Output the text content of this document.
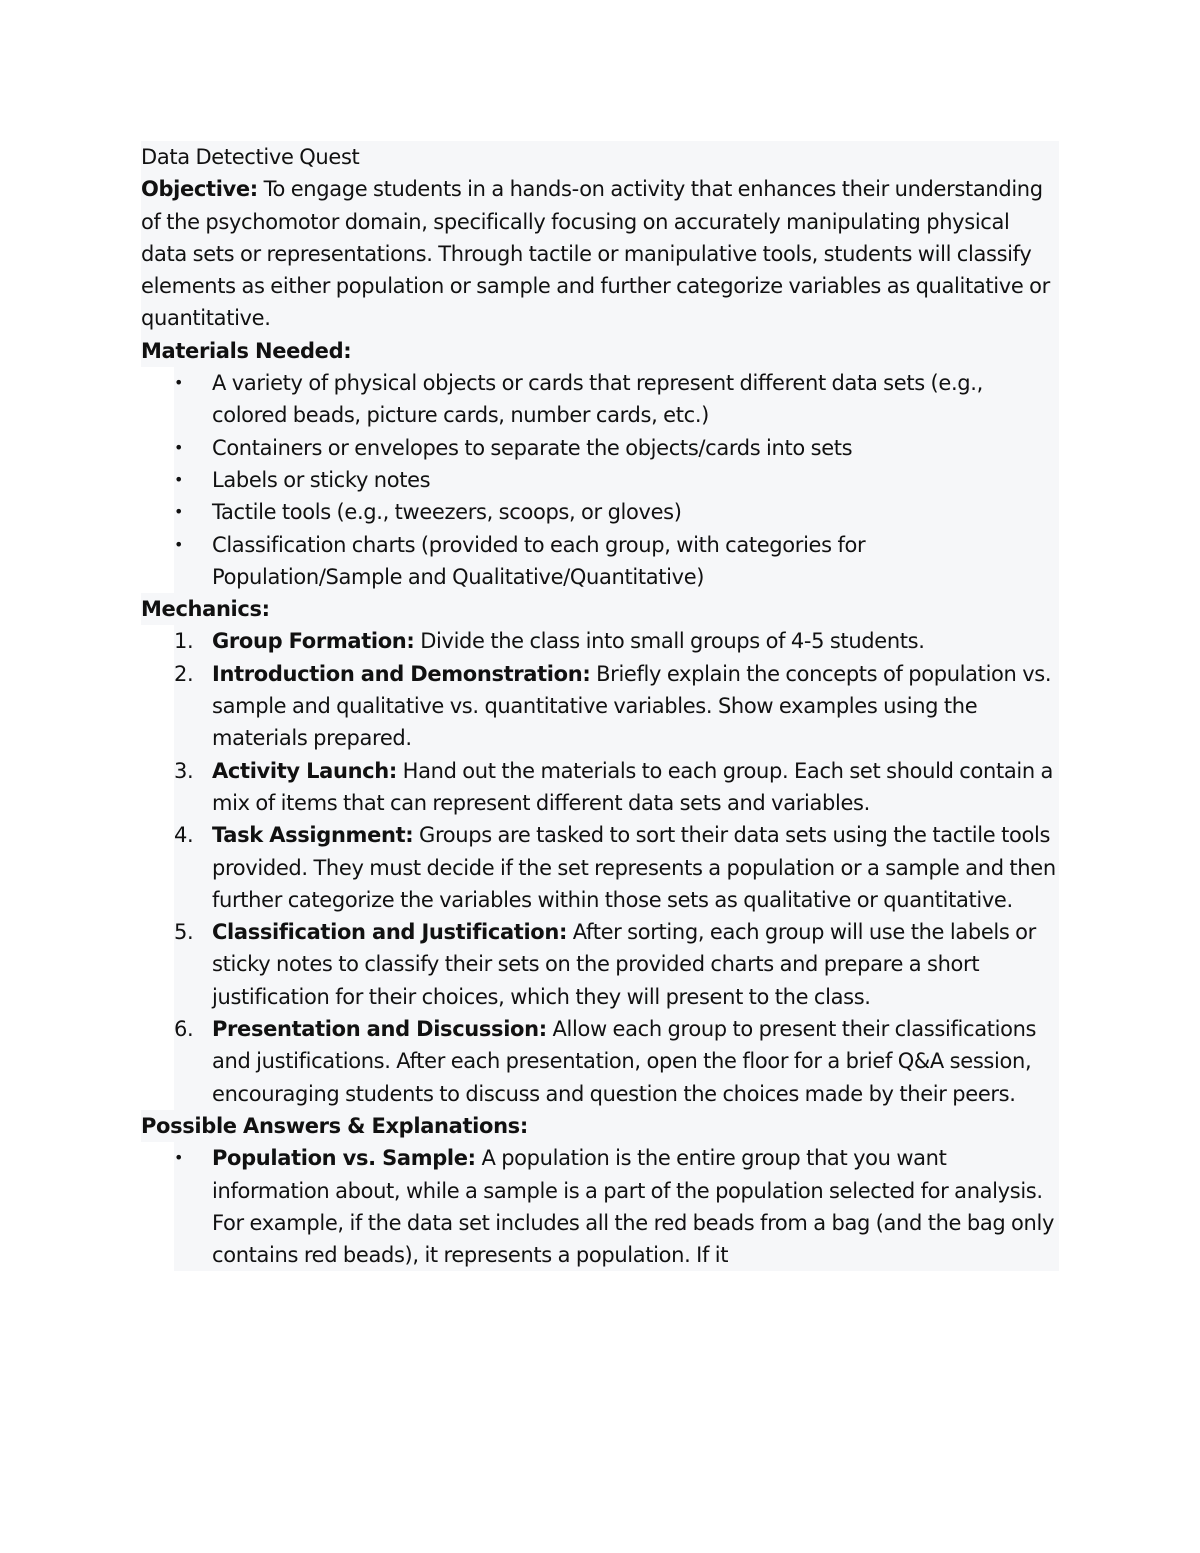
Data Detective Quest

Objective: To engage students in a hands-on activity that enhances their understanding of the psychomotor domain, specifically focusing on accurately manipulating physical data sets or representations. Through tactile or manipulative tools, students will classify elements as either population or sample and further categorize variables as qualitative or quantitative.

Materials Needed:
•	A variety of physical objects or cards that represent different data sets (e.g., colored beads, picture cards, number cards, etc.)
•	Containers or envelopes to separate the objects/cards into sets
•	Labels or sticky notes
•	Tactile tools (e.g., tweezers, scoops, or gloves)
•	Classification charts (provided to each group, with categories for Population/Sample and Qualitative/Quantitative)
Mechanics:
1. Group Formation: Divide the class into small groups of 4-5 students.
2. Introduction and Demonstration: Briefly explain the concepts of population vs. sample and qualitative vs. quantitative variables. Show examples using the materials prepared.
3. Activity Launch: Hand out the materials to each group. Each set should contain a mix of items that can represent different data sets and variables.
4. Task Assignment: Groups are tasked to sort their data sets using the tactile tools provided. They must decide if the set represents a population or a sample and then further categorize the variables within those sets as qualitative or quantitative.
5. Classification and Justification: After sorting, each group will use the labels or sticky notes to classify their sets on the provided charts and prepare a short justification for their choices, which they will present to the class.
6. Presentation and Discussion: Allow each group to present their classifications and justifications. After each presentation, open the floor for a brief Q&A session, encouraging students to discuss and question the choices made by their peers.
Possible Answers & Explanations:
•	Population vs. Sample: A population is the entire group that you want information about, while a sample is a part of the population selected for analysis. For example, if the data set includes all the red beads from a bag (and the bag only contains red beads), it represents a population. If it
